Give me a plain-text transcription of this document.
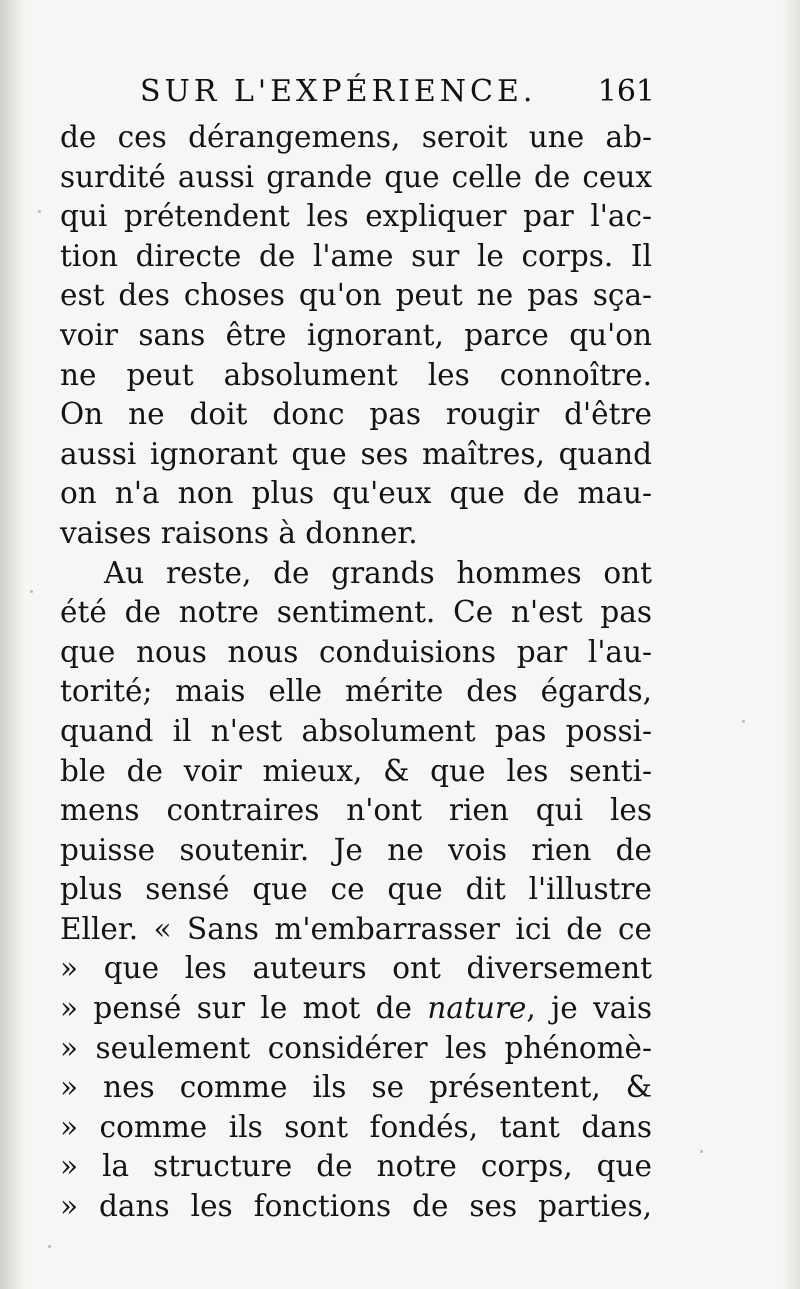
SUR L'EXPÉRIENCE. 161
de ces dérangemens, seroit une ab-
surdité aussi grande que celle de ceux
qui prétendent les expliquer par l'ac-
tion directe de l'ame sur le corps. Il
est des choses qu'on peut ne pas sça-
voir sans être ignorant, parce qu'on
ne peut absolument les connoître.
On ne doit donc pas rougir d'être
aussi ignorant que ses maîtres, quand
on n'a non plus qu'eux que de mau-
vaises raisons à donner.
Au reste, de grands hommes ont
été de notre sentiment. Ce n'est pas
que nous nous conduisions par l'au-
torité; mais elle mérite des égards,
quand il n'est absolument pas possi-
ble de voir mieux, & que les senti-
mens contraires n'ont rien qui les
puisse soutenir. Je ne vois rien de
plus sensé que ce que dit l'illustre
Eller. « Sans m'embarrasser ici de ce
» que les auteurs ont diversement
» pensé sur le mot de nature, je vais
» seulement considérer les phénomè-
» nes comme ils se présentent, &
» comme ils sont fondés, tant dans
» la structure de notre corps, que
» dans les fonctions de ses parties,
